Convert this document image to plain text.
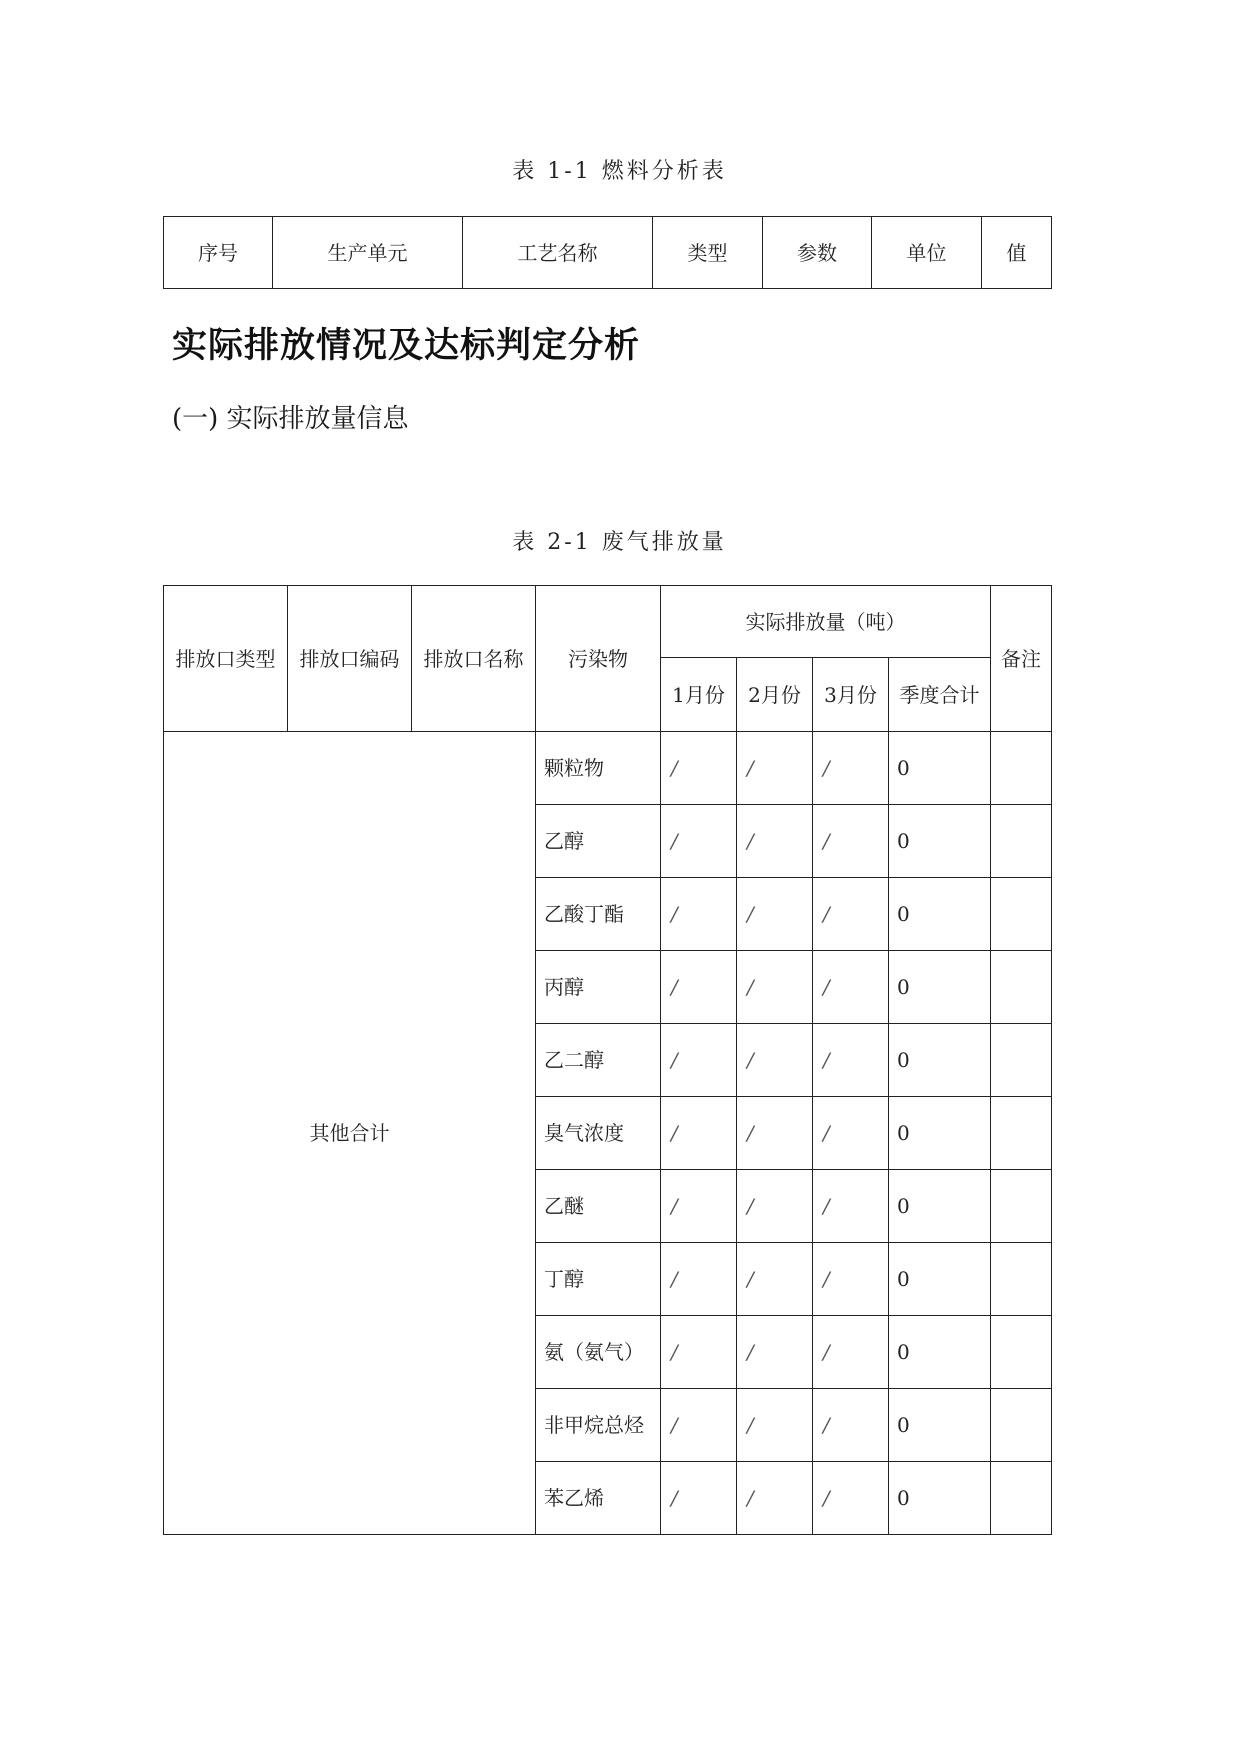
表 1-1 燃料分析表
序号	生产单元	工艺名称	类型	参数	单位	值
实际排放情况及达标判定分析
(一) 实际排放量信息
表 2-1 废气排放量
排放口类型	排放口编码	排放口名称	污染物	实际排放量（吨）				备注
				1月份	2月份	3月份	季度合计	
其他合计			颗粒物	/	/	/	0	
			乙醇	/	/	/	0	
			乙酸丁酯	/	/	/	0	
			丙醇	/	/	/	0	
			乙二醇	/	/	/	0	
			臭气浓度	/	/	/	0	
			乙醚	/	/	/	0	
			丁醇	/	/	/	0	
			氨（氨气）	/	/	/	0	
			非甲烷总烃	/	/	/	0	
			苯乙烯	/	/	/	0	
